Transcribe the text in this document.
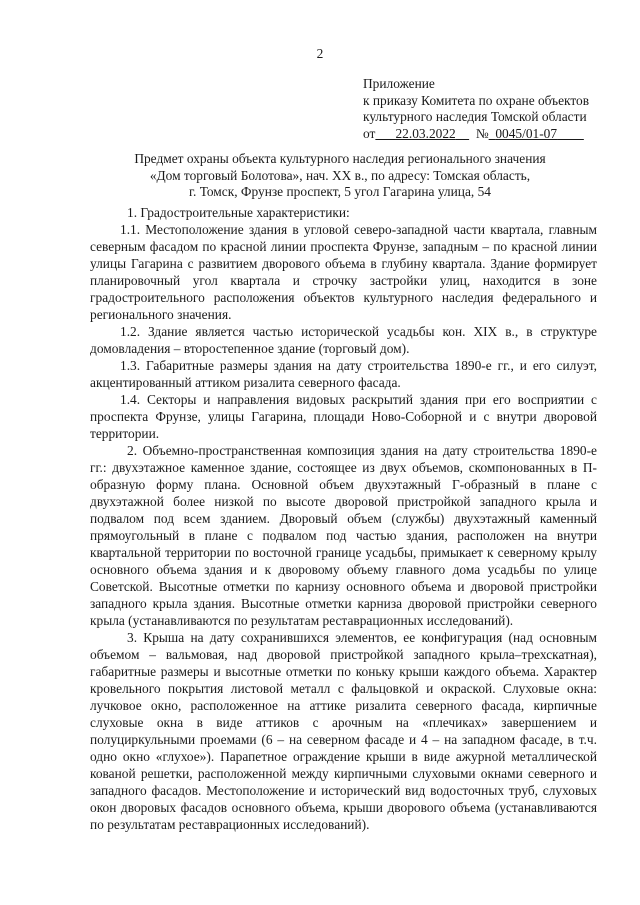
2
Приложение
к приказу Комитета по охране объектов
культурного наследия Томской области
от 22.03.2022 № 0045/01-07
Предмет охраны объекта культурного наследия регионального значения
«Дом торговый Болотова», нач. XX в., по адресу: Томская область,
г. Томск, Фрунзе проспект, 5 угол Гагарина улица, 54

1. Градостроительные характеристики:

1.1. Местоположение здания в угловой северо-западной части квартала, главным северным фасадом по красной линии проспекта Фрунзе, западным – по красной линии улицы Гагарина с развитием дворового объема в глубину квартала. Здание формирует планировочный угол квартала и строчку застройки улиц, находится в зоне градостроительного расположения объектов культурного наследия федерального и регионального значения.

1.2. Здание является частью исторической усадьбы кон. XIX в., в структуре домовладения – второстепенное здание (торговый дом).

1.3. Габаритные размеры здания на дату строительства 1890-е гг., и его силуэт, акцентированный аттиком ризалита северного фасада.

1.4. Секторы и направления видовых раскрытий здания при его восприятии с проспекта Фрунзе, улицы Гагарина, площади Ново-Соборной и с внутри дворовой территории.

2. Объемно-пространственная композиция здания на дату строительства 1890-е гг.: двухэтажное каменное здание, состоящее из двух объемов, скомпонованных в П-образную форму плана. Основной объем двухэтажный Г-образный в плане с двухэтажной более низкой по высоте дворовой пристройкой западного крыла и подвалом под всем зданием. Дворовый объем (службы) двухэтажный каменный прямоугольный в плане с подвалом под частью здания, расположен на внутри квартальной территории по восточной границе усадьбы, примыкает к северному крылу основного объема здания и к дворовому объему главного дома усадьбы по улице Советской. Высотные отметки по карнизу основного объема и дворовой пристройки западного крыла здания. Высотные отметки карниза дворовой пристройки северного крыла (устанавливаются по результатам реставрационных исследований).

3. Крыша на дату сохранившихся элементов, ее конфигурация (над основным объемом – вальмовая, над дворовой пристройкой западного крыла–трехскатная), габаритные размеры и высотные отметки по коньку крыши каждого объема. Характер кровельного покрытия листовой металл с фальцовкой и окраской. Слуховые окна: лучковое окно, расположенное на аттике ризалита северного фасада, кирпичные слуховые окна в виде аттиков с арочным на «плечиках» завершением и полуциркульными проемами (6 – на северном фасаде и 4 – на западном фасаде, в т.ч. одно окно «глухое»). Парапетное ограждение крыши в виде ажурной металлической кованой решетки, расположенной между кирпичными слуховыми окнами северного и западного фасадов. Местоположение и исторический вид водосточных труб, слуховых окон дворовых фасадов основного объема, крыши дворового объема (устанавливаются по результатам реставрационных исследований).
